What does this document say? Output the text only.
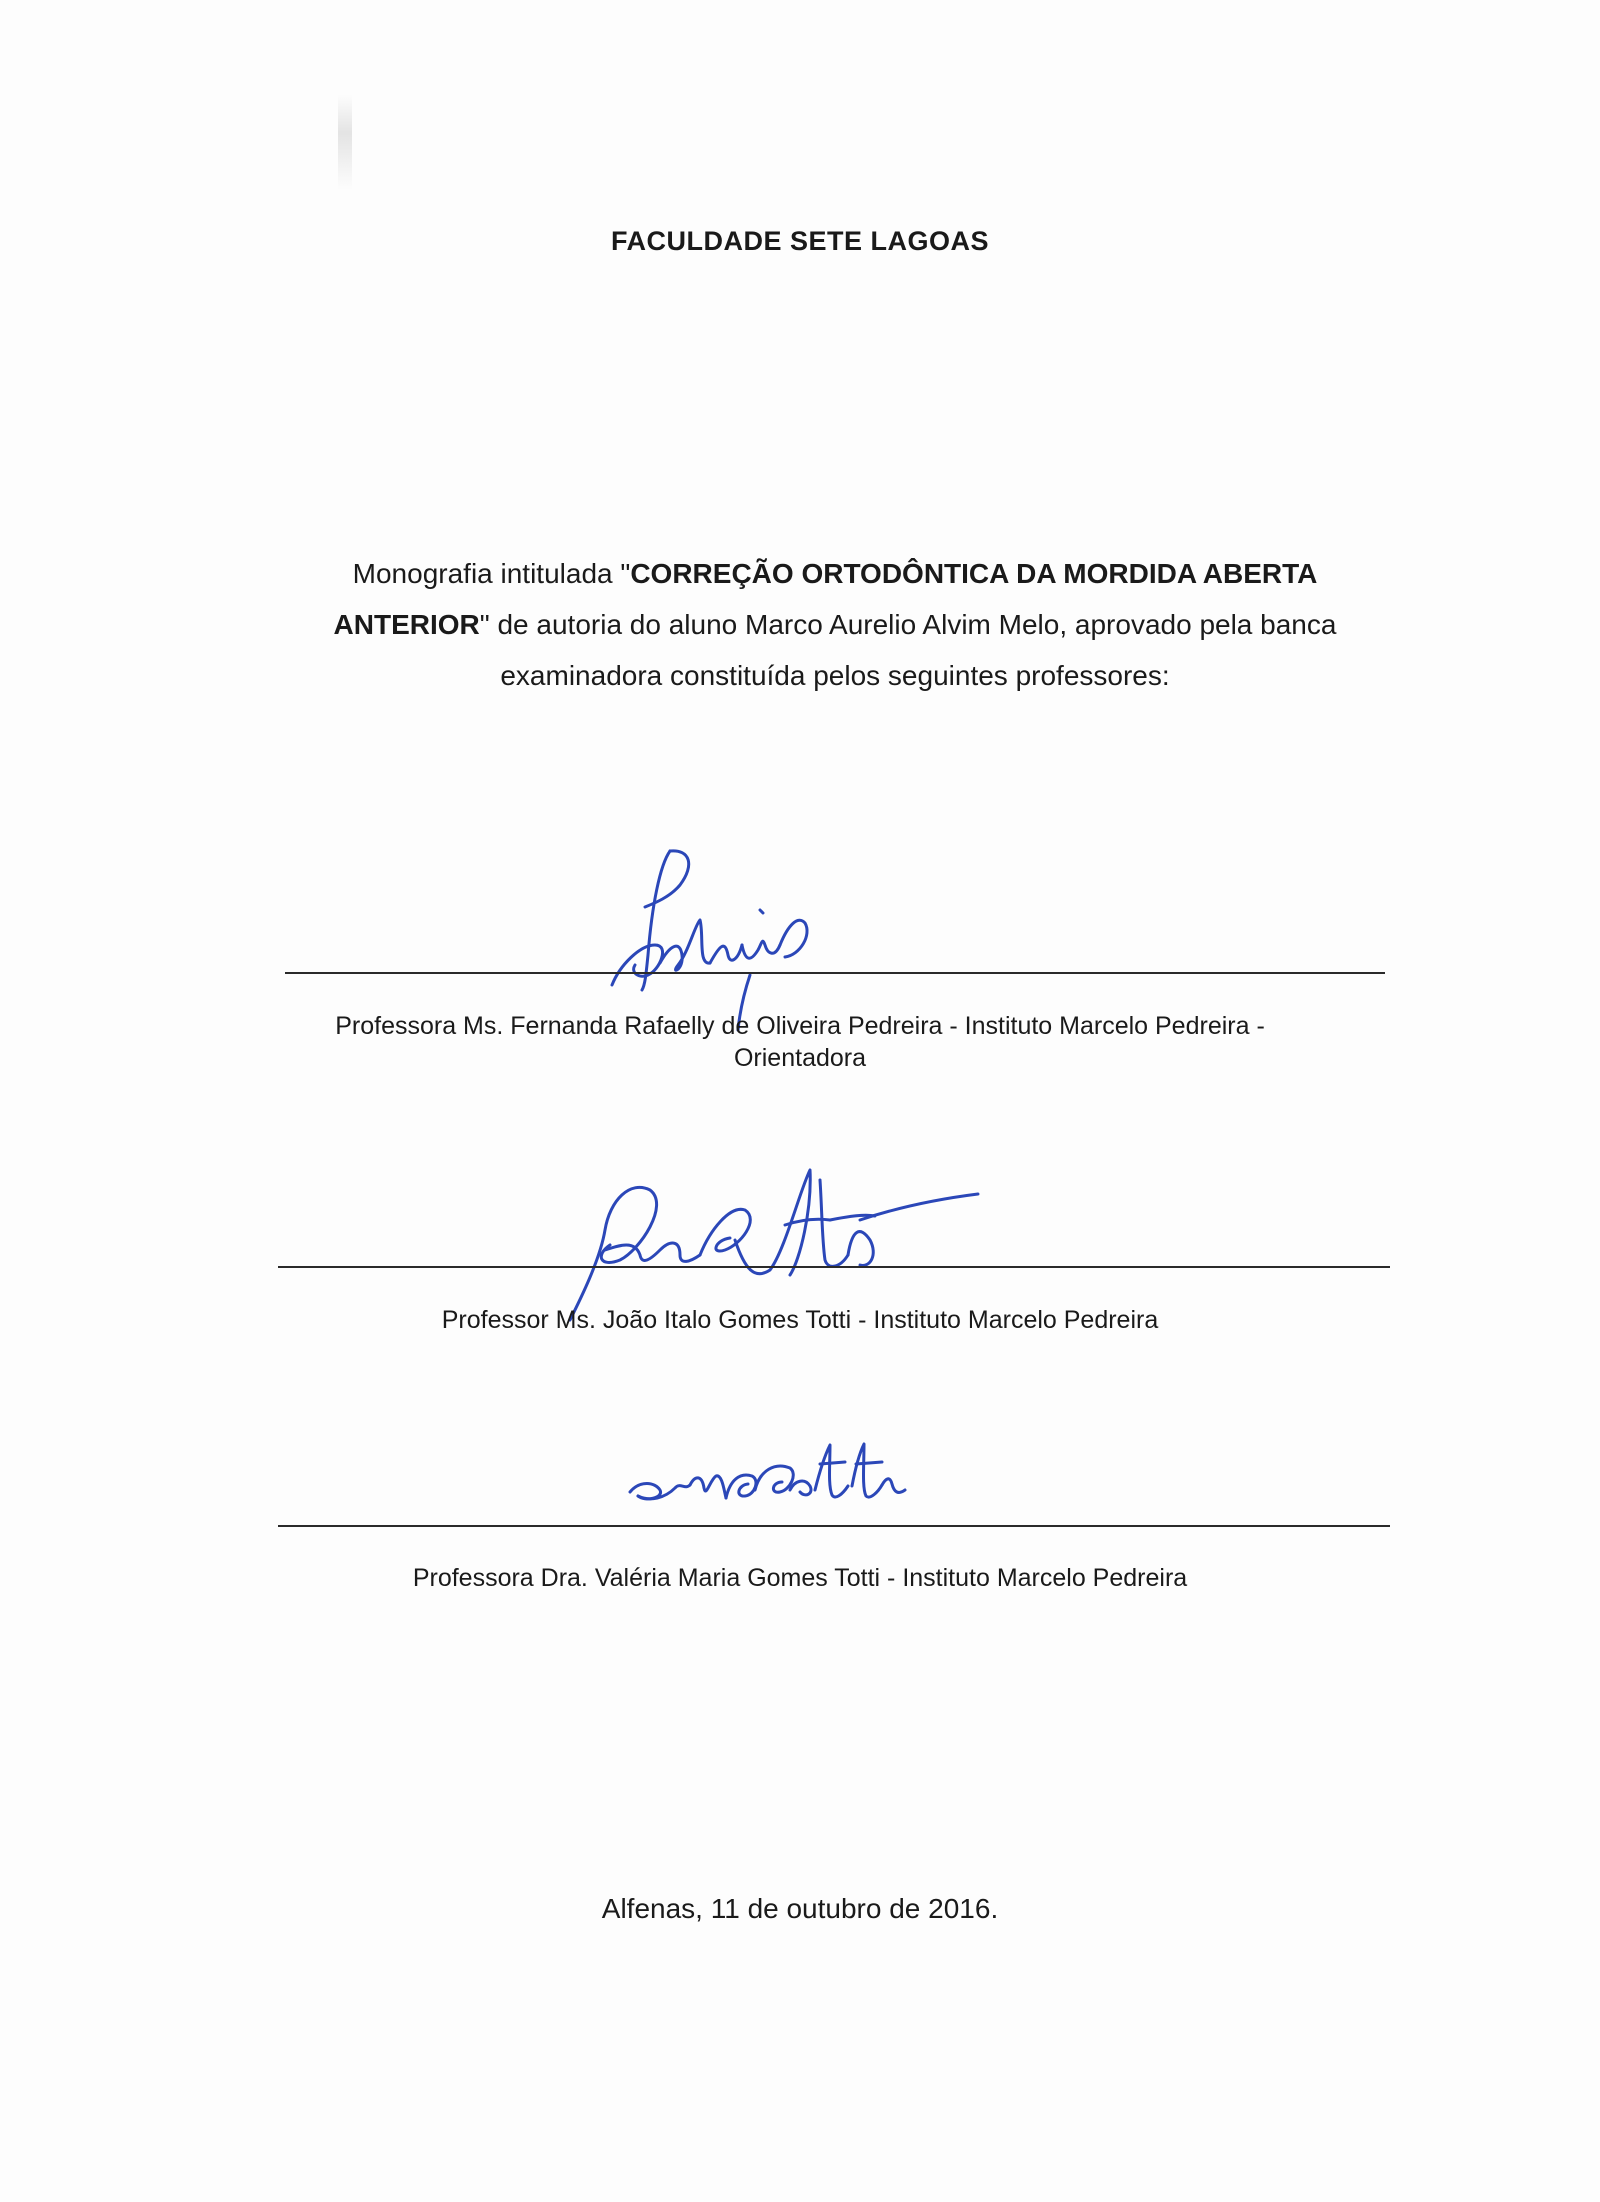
FACULDADE SETE LAGOAS
Monografia intitulada "CORREÇÃO ORTODÔNTICA DA MORDIDA ABERTA ANTERIOR" de autoria do aluno Marco Aurelio Alvim Melo, aprovado pela banca examinadora constituída pelos seguintes professores:
Professora Ms. Fernanda Rafaelly de Oliveira Pedreira - Instituto Marcelo Pedreira -
Orientadora
Professor Ms. João Italo Gomes Totti - Instituto Marcelo Pedreira
Professora Dra. Valéria Maria Gomes Totti - Instituto Marcelo Pedreira
Alfenas, 11 de outubro de 2016.
